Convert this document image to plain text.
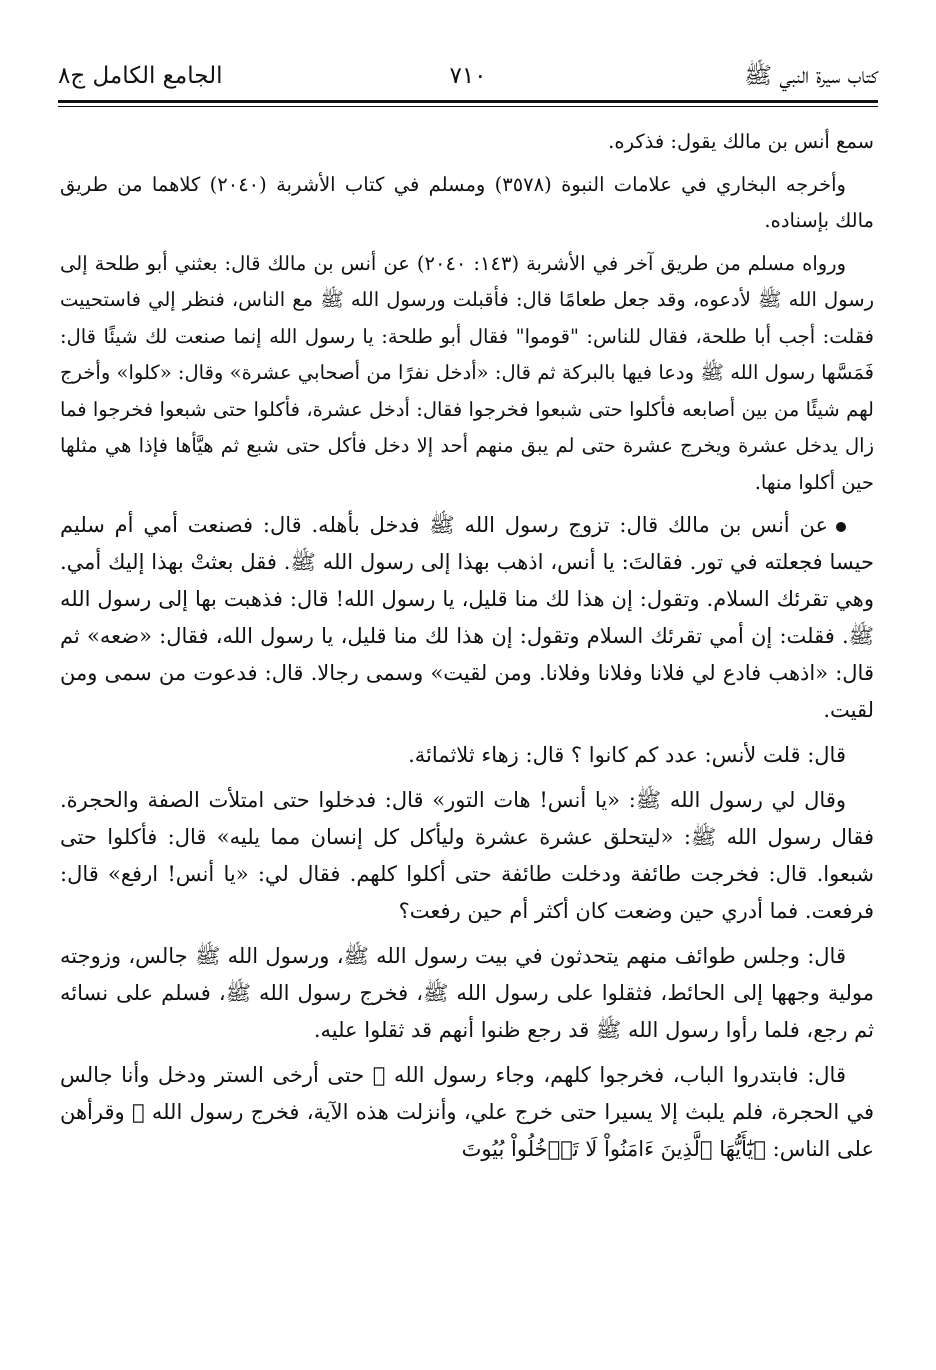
كتاب سيرة النبي ﷺ
٧١٠
الجامع الكامل ج٨

سمع أنس بن مالك يقول: فذكره.

وأخرجه البخاري في علامات النبوة (٣٥٧٨) ومسلم في كتاب الأشربة (٢٠٤٠) كلاهما من طريق مالك بإسناده.

ورواه مسلم من طريق آخر في الأشربة (١٤٣: ٢٠٤٠) عن أنس بن مالك قال: بعثني أبو طلحة إلى رسول الله ﷺ لأدعوه، وقد جعل طعامًا قال: فأقبلت ورسول الله ﷺ مع الناس، فنظر إلي فاستحييت فقلت: أجب أبا طلحة، فقال للناس: "قوموا" فقال أبو طلحة: يا رسول الله إنما صنعت لك شيئًا قال: فَمَسَّها رسول الله ﷺ ودعا فيها بالبركة ثم قال: «أدخل نفرًا من أصحابي عشرة» وقال: «كلوا» وأخرج لهم شيئًا من بين أصابعه فأكلوا حتى شبعوا فخرجوا فقال: أدخل عشرة، فأكلوا حتى شبعوا فخرجوا فما زال يدخل عشرة ويخرج عشرة حتى لم يبق منهم أحد إلا دخل فأكل حتى شبع ثم هيَّأها فإذا هي مثلها حين أكلوا منها.

عن أنس بن مالك قال: تزوج رسول الله ﷺ فدخل بأهله. قال: فصنعت أمي أم سليم حيسا فجعلته في تور. فقالتَ: يا أنس، اذهب بهذا إلى رسول الله ﷺ. فقل بعثتْ بهذا إليك أمي. وهي تقرئك السلام. وتقول: إن هذا لك منا قليل، يا رسول الله! قال: فذهبت بها إلى رسول الله ﷺ. فقلت: إن أمي تقرئك السلام وتقول: إن هذا لك منا قليل، يا رسول الله، فقال: «ضعه» ثم قال: «اذهب فادع لي فلانا وفلانا وفلانا. ومن لقيت» وسمى رجالا. قال: فدعوت من سمى ومن لقيت.

قال: قلت لأنس: عدد كم كانوا ؟ قال: زهاء ثلاثمائة.

وقال لي رسول الله ﷺ: «يا أنس! هات التور» قال: فدخلوا حتى امتلأت الصفة والحجرة. فقال رسول الله ﷺ: «ليتحلق عشرة عشرة وليأكل كل إنسان مما يليه» قال: فأكلوا حتى شبعوا. قال: فخرجت طائفة ودخلت طائفة حتى أكلوا كلهم. فقال لي: «يا أنس! ارفع» قال: فرفعت. فما أدري حين وضعت كان أكثر أم حين رفعت؟

قال: وجلس طوائف منهم يتحدثون في بيت رسول الله ﷺ، ورسول الله ﷺ جالس، وزوجته مولية وجهها إلى الحائط، فثقلوا على رسول الله ﷺ، فخرج رسول الله ﷺ، فسلم على نسائه ثم رجع، فلما رأوا رسول الله ﷺ قد رجع ظنوا أنهم قد ثقلوا عليه.

قال: فابتدروا الباب، فخرجوا كلهم، وجاء رسول الله ﷺ حتى أرخى الستر ودخل وأنا جالس في الحجرة، فلم يلبث إلا يسيرا حتى خرج علي، وأنزلت هذه الآية، فخرج رسول الله ﷺ وقرأهن على الناس: ﴿يَٰٓأَيُّهَا ٱلَّذِينَ ءَامَنُواْ لَا تَدۡخُلُواْ بُيُوتَ
